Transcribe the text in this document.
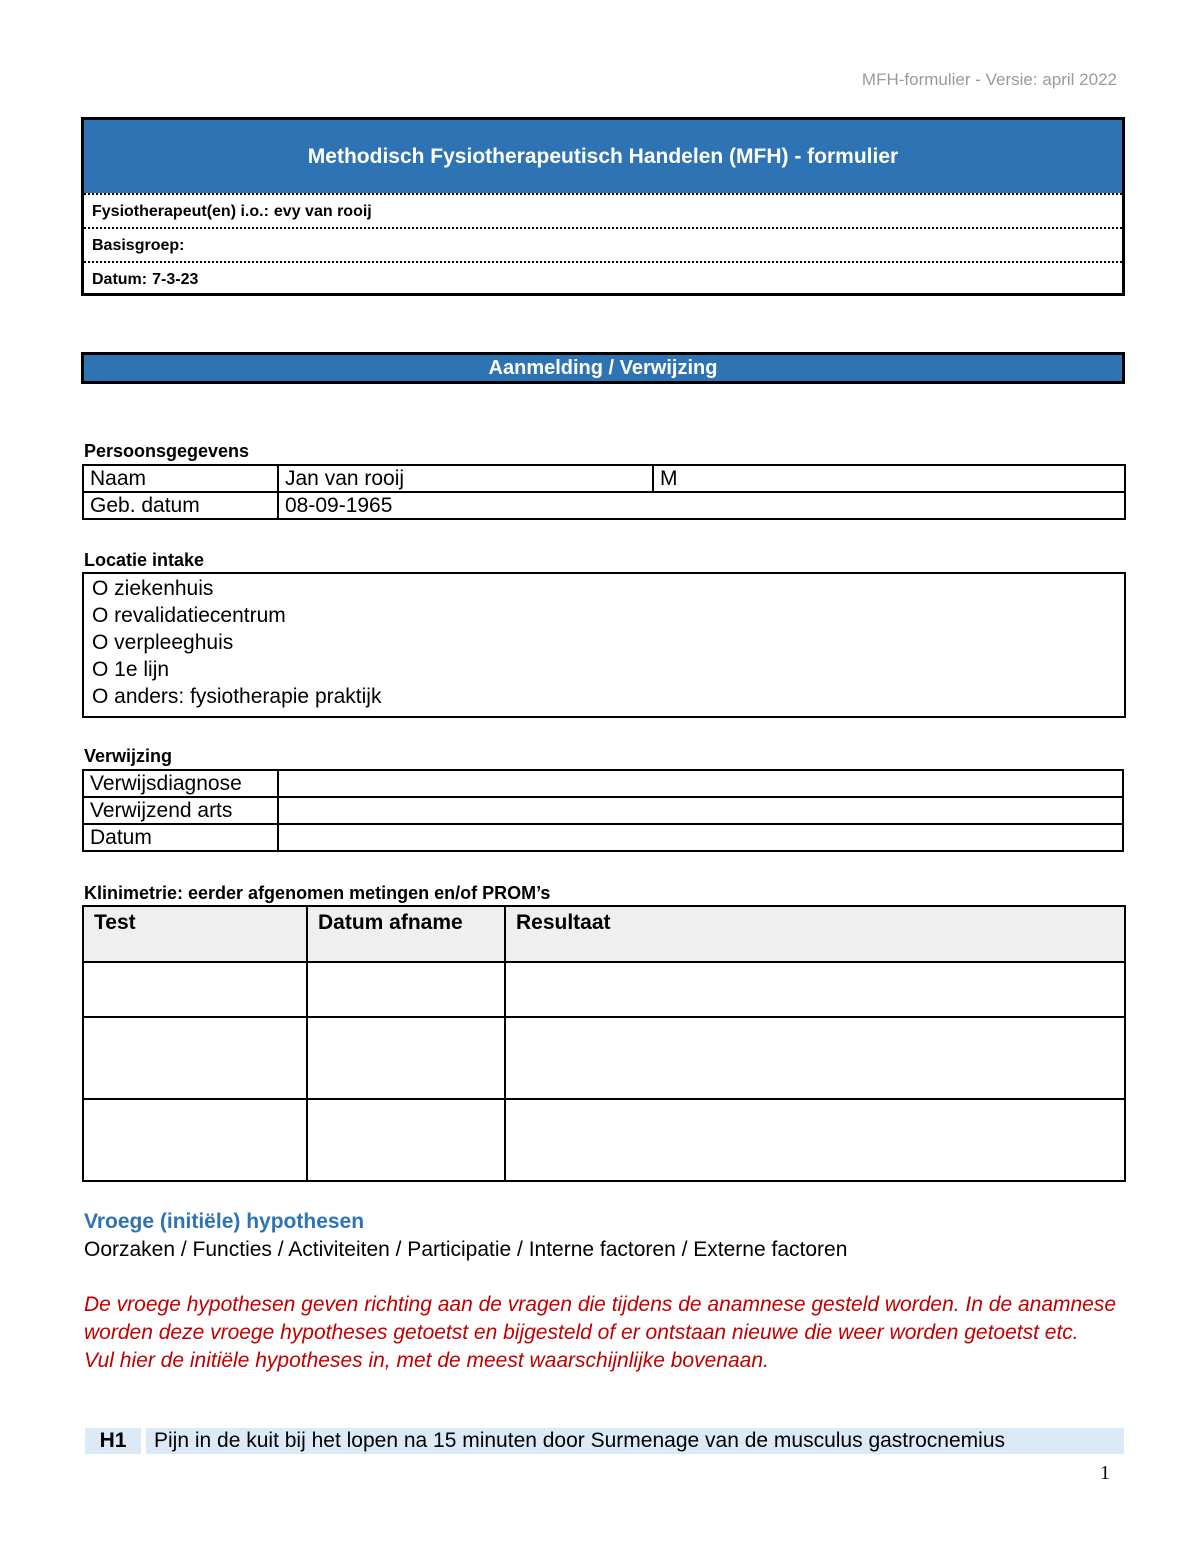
MFH-formulier - Versie: april 2022
Methodisch Fysiotherapeutisch Handelen (MFH) - formulier
Fysiotherapeut(en) i.o.: evy van rooij
Basisgroep:
Datum: 7-3-23
Aanmelding / Verwijzing
Persoonsgegevens
Naam	Jan van rooij	M
Geb. datum	08-09-1965	
Locatie intake
O ziekenhuis
O revalidatiecentrum
O verpleeghuis
O 1e lijn
O anders: fysiotherapie praktijk
Verwijzing
Verwijsdiagnose	
Verwijzend arts	
Datum	
Klinimetrie: eerder afgenomen metingen en/of PROM’s
Test	Datum afname	Resultaat

Vroege (initiële) hypothesen
Oorzaken / Functies / Activiteiten / Participatie / Interne factoren / Externe factoren
De vroege hypothesen geven richting aan de vragen die tijdens de anamnese gesteld worden. In de anamnese worden deze vroege hypotheses getoetst en bijgesteld of er ontstaan nieuwe die weer worden getoetst etc.
Vul hier de initiële hypotheses in, met de meest waarschijnlijke bovenaan.
H1	Pijn in de kuit bij het lopen na 15 minuten door Surmenage van de musculus gastrocnemius
1
